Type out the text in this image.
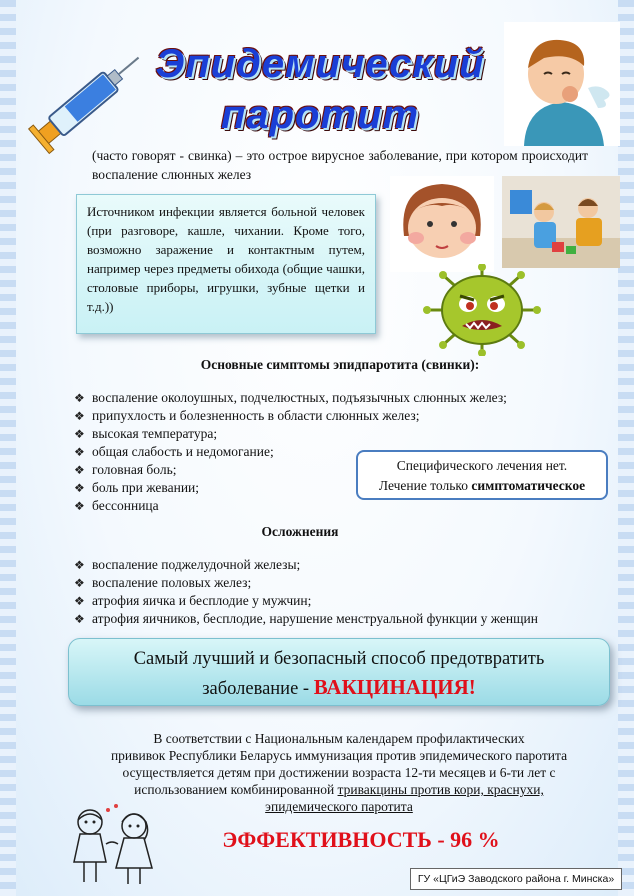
Эпидемический
паротит
(часто говорят - свинка) – это острое вирусное заболевание, при котором происходит воспаление слюнных желез
Источником инфекции является больной человек (при разговоре, кашле, чихании. Кроме того, возможно заражение и контактным путем, например через предметы обихода (общие чашки, столовые приборы, игрушки, зубные щетки и т.д.))
Основные симптомы эпидпаротита (свинки):
❖ воспаление околоушных, подчелюстных, подъязычных слюнных желез;
❖ припухлость и болезненность в области слюнных желез;
❖ высокая температура;
❖ общая слабость и недомогание;
❖ головная боль;
❖ боль при жевании;
❖ бессонница
Специфического лечения нет.
Лечение только симптоматическое
Осложнения
❖ воспаление поджелудочной железы;
❖ воспаление половых желез;
❖ атрофия яичка и бесплодие у мужчин;
❖ атрофия яичников, бесплодие, нарушение менструальной функции у женщин
Самый лучший и безопасный способ предотвратить
заболевание - ВАКЦИНАЦИЯ!
В соответствии с Национальным календарем профилактических
прививок Республики Беларусь иммунизация против эпидемического паротита
осуществляется детям при достижении возраста 12-ти месяцев и 6-ти лет с
использованием комбинированной тривакцины против кори, краснухи,
эпидемического паротита
ЭФФЕКТИВНОСТЬ - 96 %
ГУ «ЦГиЭ Заводского района г. Минска»
